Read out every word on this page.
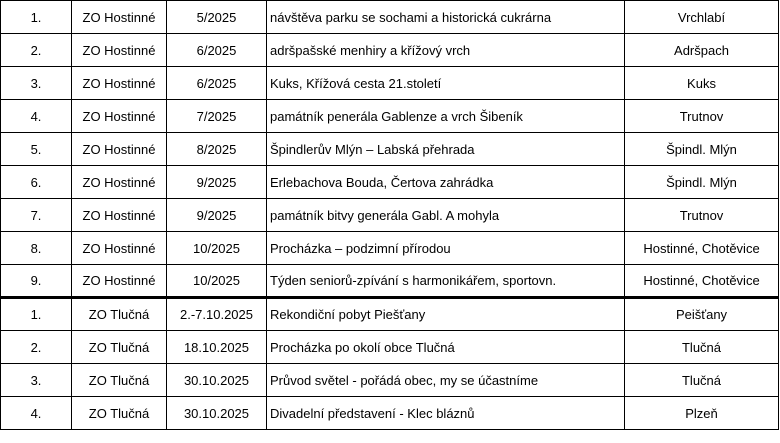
1.	ZO Hostinné	5/2025	návštěva parku se sochami a historická cukrárna	Vrchlabí
2.	ZO Hostinné	6/2025	adršpašské menhiry a křížový vrch	Adršpach
3.	ZO Hostinné	6/2025	Kuks, Křížová cesta 21.století	Kuks
4.	ZO Hostinné	7/2025	památník penerála Gablenze a vrch Šibeník	Trutnov
5.	ZO Hostinné	8/2025	Špindlerův Mlýn – Labská přehrada	Špindl. Mlýn
6.	ZO Hostinné	9/2025	Erlebachova Bouda, Čertova zahrádka	Špindl. Mlýn
7.	ZO Hostinné	9/2025	památník bitvy generála Gabl. A mohyla	Trutnov
8.	ZO Hostinné	10/2025	Procházka – podzimní přírodou	Hostinné, Chotěvice
9.	ZO Hostinné	10/2025	Týden seniorů-zpívání s harmonikářem, sportovn.	Hostinné, Chotěvice
1.	ZO Tlučná	2.-7.10.2025	Rekondiční pobyt Piešťany	Peišťany
2.	ZO Tlučná	18.10.2025	Procházka po okolí obce Tlučná	Tlučná
3.	ZO Tlučná	30.10.2025	Průvod světel - pořádá obec, my se účastníme	Tlučná
4.	ZO Tlučná	30.10.2025	Divadelní představení - Klec bláznů	Plzeň
